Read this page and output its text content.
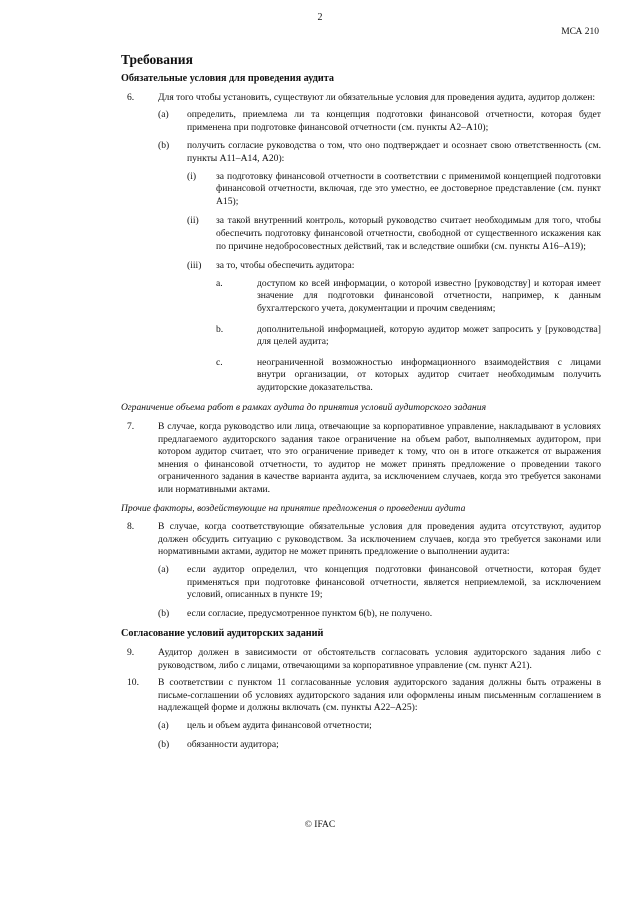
2
МСА 210
Требования
Обязательные условия для проведения аудита
6. Для того чтобы установить, существуют ли обязательные условия для проведения аудита, аудитор должен:
(a) определить, приемлема ли та концепция подготовки финансовой отчетности, которая будет применена при подготовке финансовой отчетности (см. пункты А2–А10);
(b) получить согласие руководства о том, что оно подтверждает и осознает свою ответственность (см. пункты А11–А14, А20):
(i) за подготовку финансовой отчетности в соответствии с применимой концепцией подготовки финансовой отчетности, включая, где это уместно, ее достоверное представление (см. пункт А15);
(ii) за такой внутренний контроль, который руководство считает необходимым для того, чтобы обеспечить подготовку финансовой отчетности, свободной от существенного искажения как по причине недобросовестных действий, так и вследствие ошибки (см. пункты А16–А19);
(iii) за то, чтобы обеспечить аудитора:
a.	доступом ко всей информации, о которой известно [руководству] и которая имеет значение для подготовки финансовой отчетности, например, к данным бухгалтерского учета, документации и прочим сведениям;
b.	дополнительной информацией, которую аудитор может запросить у [руководства] для целей аудита;
c.	неограниченной возможностью информационного взаимодействия с лицами внутри организации, от которых аудитор считает необходимым получить аудиторские доказательства.
Ограничение объема работ в рамках аудита до принятия условий аудиторского задания
7. В случае, когда руководство или лица, отвечающие за корпоративное управление, накладывают в условиях предлагаемого аудиторского задания такое ограничение на объем работ, выполняемых аудитором, при котором аудитор считает, что это ограничение приведет к тому, что он в итоге откажется от выражения мнения о финансовой отчетности, то аудитор не может принять предложение о проведении такого ограниченного задания в качестве варианта аудита, за исключением случаев, когда это требуется законами или нормативными актами.
Прочие факторы, воздействующие на принятие предложения о проведении аудита
8. В случае, когда соответствующие обязательные условия для проведения аудита отсутствуют, аудитор должен обсудить ситуацию с руководством. За исключением случаев, когда это требуется законами или нормативными актами, аудитор не может принять предложение о выполнении аудита:
(a) если аудитор определил, что концепция подготовки финансовой отчетности, которая будет применяться при подготовке финансовой отчетности, является неприемлемой, за исключением условий, описанных в пункте 19;
(b) если согласие, предусмотренное пунктом 6(b), не получено.
Согласование условий аудиторских заданий
9. Аудитор должен в зависимости от обстоятельств согласовать условия аудиторского задания либо с руководством, либо с лицами, отвечающими за корпоративное управление (см. пункт А21).
10. В соответствии с пунктом 11 согласованные условия аудиторского задания должны быть отражены в письме-соглашении об условиях аудиторского задания или оформлены иным письменным соглашением в надлежащей форме и должны включать (см. пункты А22–А25):
(a) цель и объем аудита финансовой отчетности;
(b) обязанности аудитора;
© IFAC
